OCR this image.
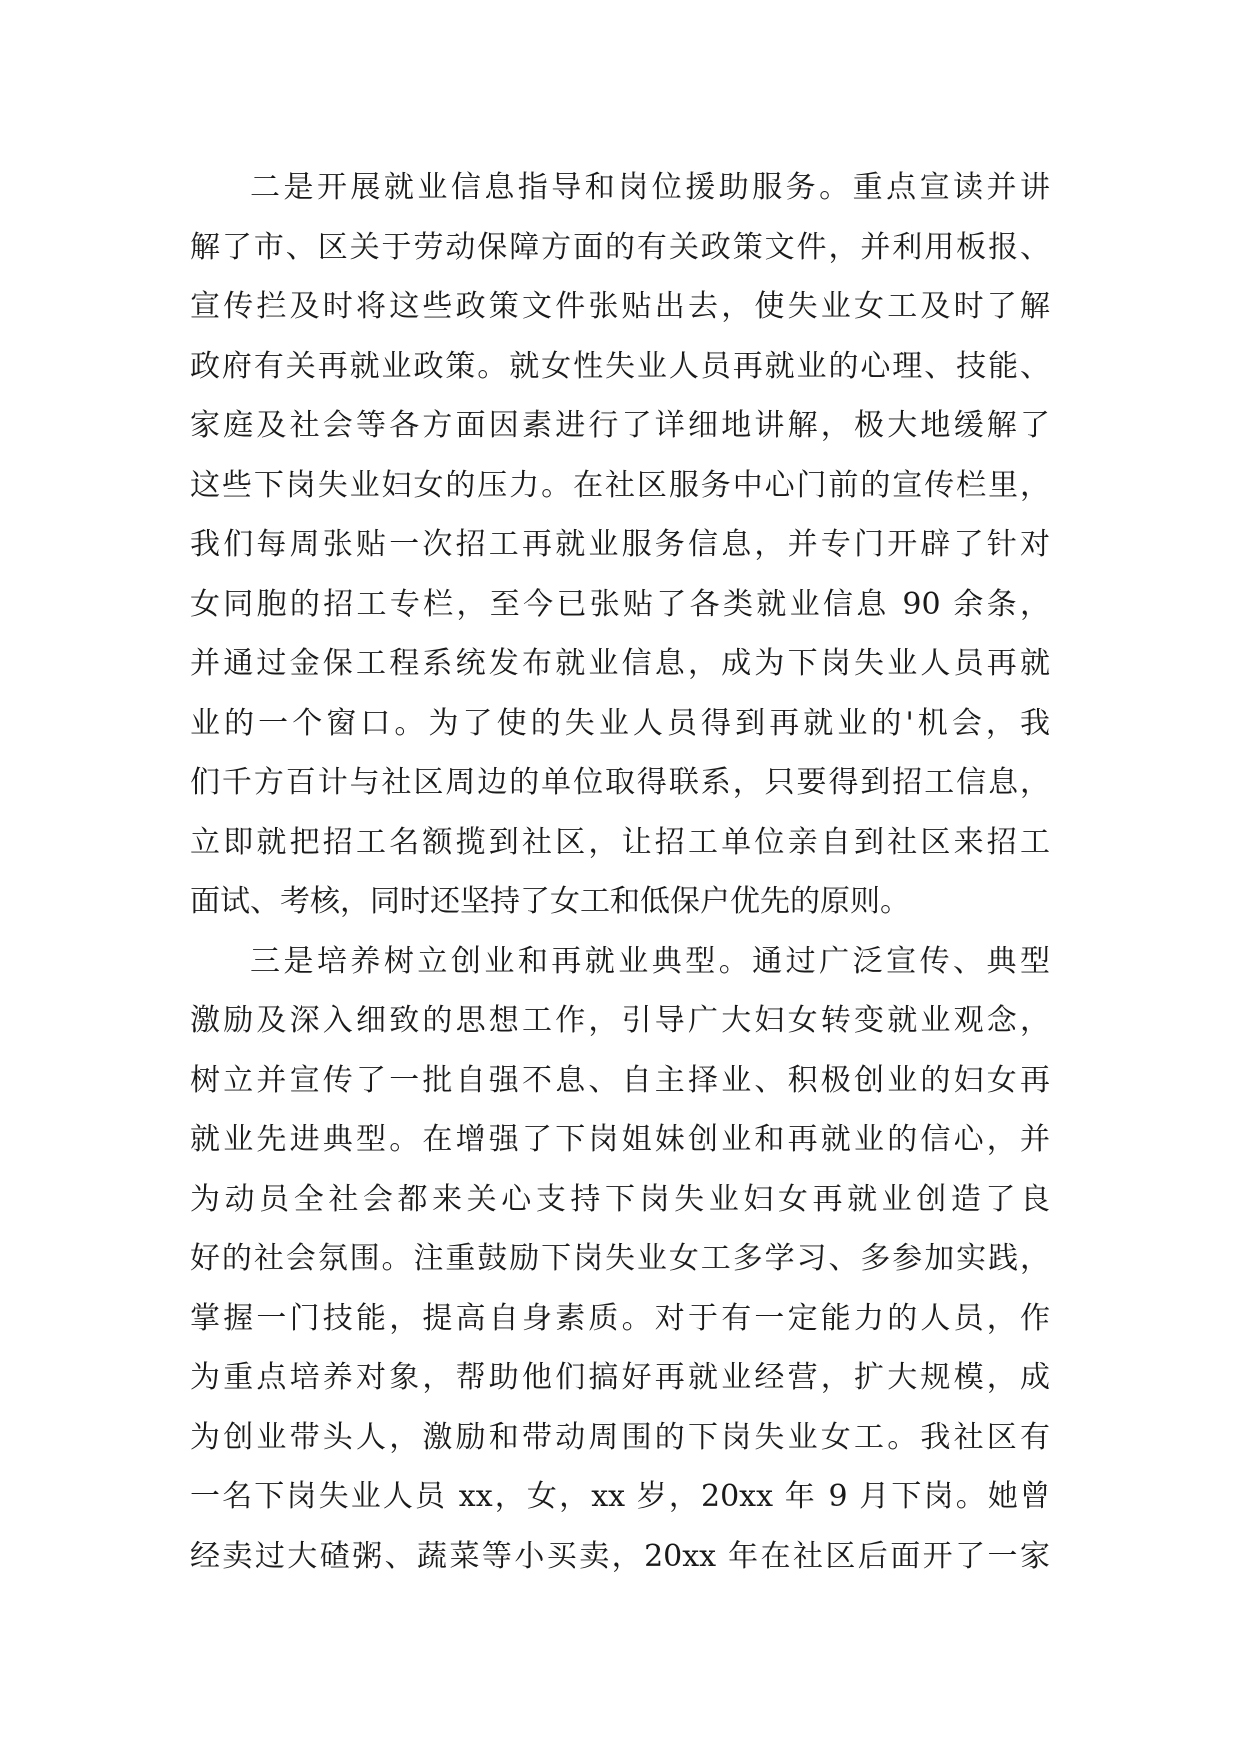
二是开展就业信息指导和岗位援助服务。重点宣读并讲
解了市、区关于劳动保障方面的有关政策文件，并利用板报、
宣传拦及时将这些政策文件张贴出去，使失业女工及时了解
政府有关再就业政策。就女性失业人员再就业的心理、技能、
家庭及社会等各方面因素进行了详细地讲解，极大地缓解了
这些下岗失业妇女的压力。在社区服务中心门前的宣传栏里，
我们每周张贴一次招工再就业服务信息，并专门开辟了针对
女同胞的招工专栏，至今已张贴了各类就业信息 90 余条，
并通过金保工程系统发布就业信息，成为下岗失业人员再就
业的一个窗口。为了使的失业人员得到再就业的'机会，我
们千方百计与社区周边的单位取得联系，只要得到招工信息，
立即就把招工名额揽到社区，让招工单位亲自到社区来招工
面试、考核，同时还坚持了女工和低保户优先的原则。
三是培养树立创业和再就业典型。通过广泛宣传、典型
激励及深入细致的思想工作，引导广大妇女转变就业观念，
树立并宣传了一批自强不息、自主择业、积极创业的妇女再
就业先进典型。在增强了下岗姐妹创业和再就业的信心，并
为动员全社会都来关心支持下岗失业妇女再就业创造了良
好的社会氛围。注重鼓励下岗失业女工多学习、多参加实践，
掌握一门技能，提高自身素质。对于有一定能力的人员，作
为重点培养对象，帮助他们搞好再就业经营，扩大规模，成
为创业带头人，激励和带动周围的下岗失业女工。我社区有
一名下岗失业人员 xx，女，xx 岁，20xx 年 9 月下岗。她曾
经卖过大碴粥、蔬菜等小买卖，20xx 年在社区后面开了一家
